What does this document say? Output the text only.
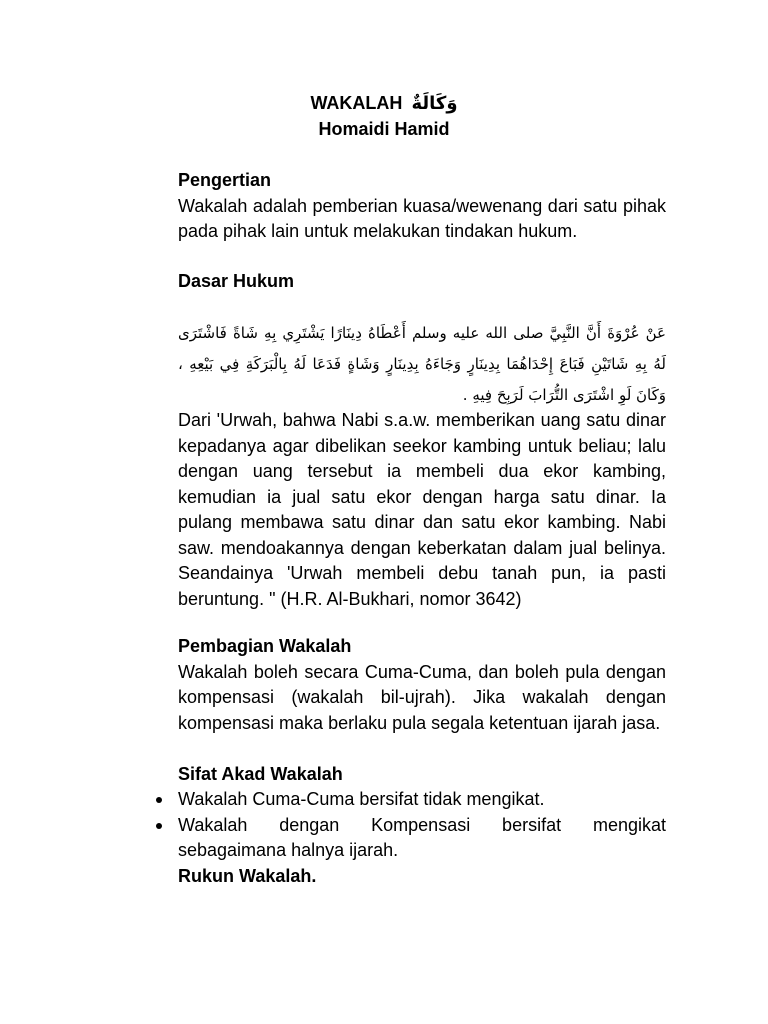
WAKALAH وَكَالَةٌ
Homaidi Hamid
Pengertian
Wakalah adalah pemberian kuasa/wewenang dari satu pihak pada pihak lain untuk melakukan tindakan hukum.
Dasar Hukum
عَنْ عُرْوَةَ أَنَّ النَّبِيَّ صلى الله عليه وسلم أَعْطَاهُ دِينَارًا يَشْتَرِي بِهِ شَاةً فَاشْتَرَى لَهُ بِهِ شَاتَيْنِ فَبَاعَ إِحْدَاهُمَا بِدِينَارٍ وَجَاءَهُ بِدِينَارٍ وَشَاةٍ فَدَعَا لَهُ بِالْبَرَكَةِ فِي بَيْعِهِ ، وَكَانَ لَوِ اشْتَرَى التُّرَابَ لَرَبِحَ فِيهِ .
Dari 'Urwah, bahwa Nabi s.a.w. memberikan uang satu dinar kepadanya agar dibelikan seekor kambing untuk beliau; lalu dengan uang tersebut ia membeli dua ekor kambing, kemudian ia jual satu ekor dengan harga satu dinar. Ia pulang membawa satu dinar dan satu ekor kambing. Nabi saw. mendoakannya dengan keberkatan dalam jual belinya. Seandainya 'Urwah membeli debu tanah pun, ia pasti beruntung. " (H.R. Al-Bukhari, nomor 3642)
Pembagian Wakalah
Wakalah boleh secara Cuma-Cuma, dan boleh pula dengan kompensasi (wakalah bil-ujrah). Jika wakalah dengan kompensasi maka berlaku pula segala ketentuan ijarah jasa.
Sifat Akad Wakalah
Wakalah Cuma-Cuma bersifat tidak mengikat.
Wakalah dengan Kompensasi bersifat mengikat sebagaimana halnya ijarah.
Rukun Wakalah.
